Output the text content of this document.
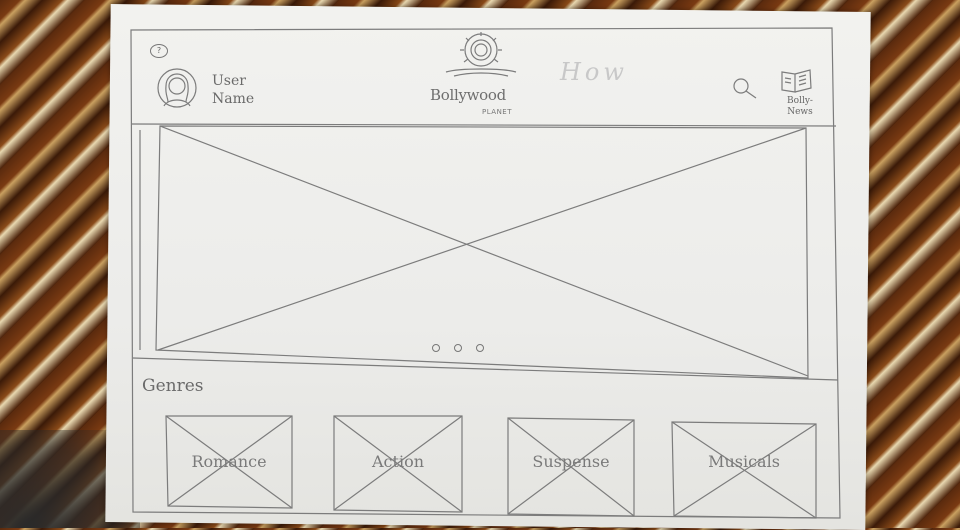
?
User Name	Bollywood
PLANET
How
Bolly-News
Genres
Romance	Action	Suspense	Musicals
